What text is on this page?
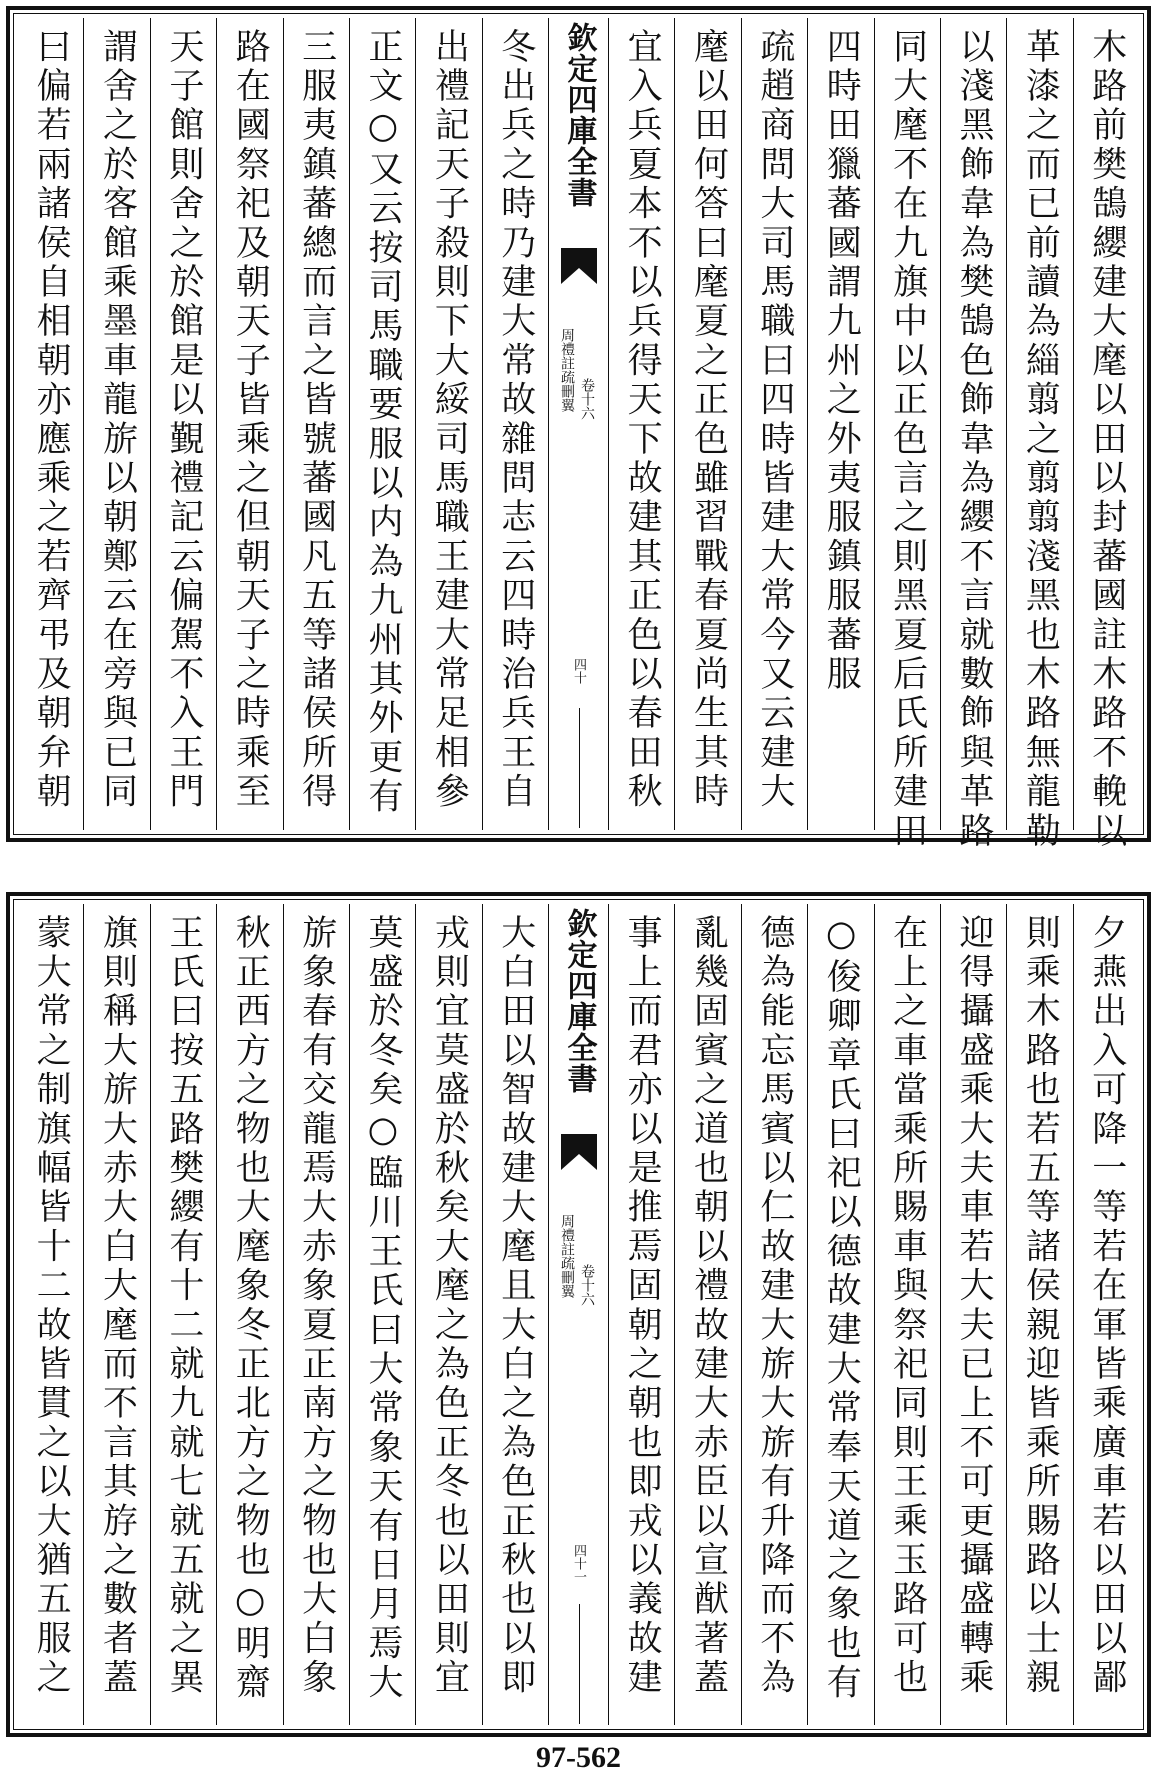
木路前樊鵠纓建大麾以田以封蕃國註木路不輓以
革漆之而已前讀為緇翦之翦翦淺黑也木路無龍勒
以淺黑飾韋為樊鵠色飾韋為纓不言就數飾與革路
同大麾不在九旗中以正色言之則黑夏后氏所建田
四時田獵蕃國謂九州之外夷服鎮服蕃服
疏趙商問大司馬職曰四時皆建大常今又云建大
麾以田何答曰麾夏之正色雖習戰春夏尚生其時
宜入兵夏本不以兵得天下故建其正色以春田秋
欽定四庫全書
周禮註疏刪翼 卷十六
四十
冬出兵之時乃建大常故雜問志云四時治兵王自
出禮記天子殺則下大綏司馬職王建大常足相參
正文○又云按司馬職要服以内為九州其外更有
三服夷鎮蕃總而言之皆號蕃國凡五等諸侯所得
路在國祭祀及朝天子皆乘之但朝天子之時乘至
天子館則舍之於館是以覲禮記云偏駕不入王門
謂舍之於客館乘墨車龍旂以朝鄭云在旁與已同
曰偏若兩諸侯自相朝亦應乘之若齊弔及朝弁朝
夕燕出入可降一等若在軍皆乘廣車若以田以鄙
則乘木路也若五等諸侯親迎皆乘所賜路以士親
迎得攝盛乘大夫車若大夫已上不可更攝盛轉乘
在上之車當乘所賜車與祭祀同則王乘玉路可也
○俊卿章氏曰祀以德故建大常奉天道之象也有
德為能忘馬賓以仁故建大旂大旂有升降而不為
亂幾固賓之道也朝以禮故建大赤臣以宣猷著蓋
事上而君亦以是推焉固朝之朝也即戎以義故建
欽定四庫全書
周禮註疏刪翼 卷十六
四十一
大白田以智故建大麾且大白之為色正秋也以即
戎則宜莫盛於秋矣大麾之為色正冬也以田則宜
莫盛於冬矣○臨川王氏曰大常象天有日月焉大
旂象春有交龍焉大赤象夏正南方之物也大白象
秋正西方之物也大麾象冬正北方之物也○明齋
王氏曰按五路樊纓有十二就九就七就五就之異
旗則稱大旂大赤大白大麾而不言其斿之數者蓋
蒙大常之制旗幅皆十二故皆貫之以大猶五服之
97-562
